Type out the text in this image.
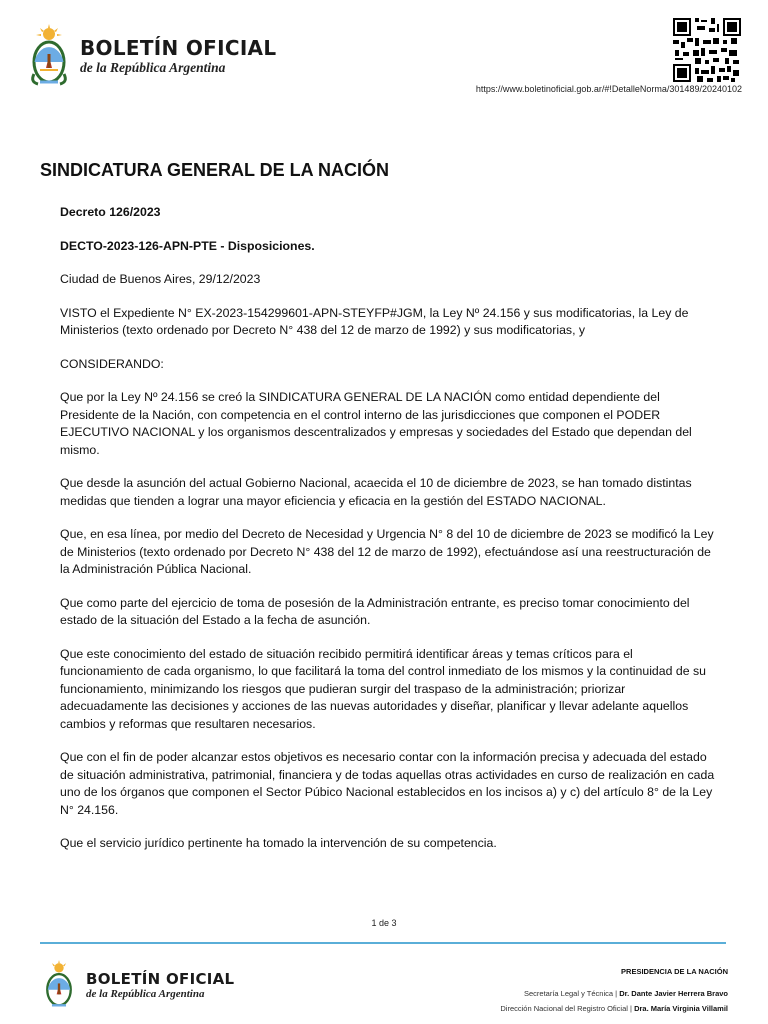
BOLETÍN OFICIAL
de la República Argentina
https://www.boletinoficial.gob.ar/#!DetalleNorma/301489/20240102
SINDICATURA GENERAL DE LA NACIÓN

Decreto 126/2023

DECTO-2023-126-APN-PTE - Disposiciones.

Ciudad de Buenos Aires, 29/12/2023

VISTO el Expediente N° EX-2023-154299601-APN-STEYFP#JGM, la Ley Nº 24.156 y sus modificatorias, la Ley de Ministerios (texto ordenado por Decreto N° 438 del 12 de marzo de 1992) y sus modificatorias, y

CONSIDERANDO:

Que por la Ley Nº 24.156 se creó la SINDICATURA GENERAL DE LA NACIÓN como entidad dependiente del Presidente de la Nación, con competencia en el control interno de las jurisdicciones que componen el PODER EJECUTIVO NACIONAL y los organismos descentralizados y empresas y sociedades del Estado que dependan del mismo.

Que desde la asunción del actual Gobierno Nacional, acaecida el 10 de diciembre de 2023, se han tomado distintas medidas que tienden a lograr una mayor eficiencia y eficacia en la gestión del ESTADO NACIONAL.

Que, en esa línea, por medio del Decreto de Necesidad y Urgencia N° 8 del 10 de diciembre de 2023 se modificó la Ley de Ministerios (texto ordenado por Decreto N° 438 del 12 de marzo de 1992), efectuándose así una reestructuración de la Administración Pública Nacional.

Que como parte del ejercicio de toma de posesión de la Administración entrante, es preciso tomar conocimiento del estado de la situación del Estado a la fecha de asunción.

Que este conocimiento del estado de situación recibido permitirá identificar áreas y temas críticos para el funcionamiento de cada organismo, lo que facilitará la toma del control inmediato de los mismos y la continuidad de su funcionamiento, minimizando los riesgos que pudieran surgir del traspaso de la administración; priorizar adecuadamente las decisiones y acciones de las nuevas autoridades y diseñar, planificar y llevar adelante aquellos cambios y reformas que resultaren necesarios.

Que con el fin de poder alcanzar estos objetivos es necesario contar con la información precisa y adecuada del estado de situación administrativa, patrimonial, financiera y de todas aquellas otras actividades en curso de realización en cada uno de los órganos que componen el Sector Púbico Nacional establecidos en los incisos a) y c) del artículo 8° de la Ley N° 24.156.

Que el servicio jurídico pertinente ha tomado la intervención de su competencia.

1 de 3
BOLETÍN OFICIAL
de la República Argentina
PRESIDENCIA DE LA NACIÓN
Secretaría Legal y Técnica | Dr. Dante Javier Herrera Bravo
Dirección Nacional del Registro Oficial | Dra. María Virginia Villamil
